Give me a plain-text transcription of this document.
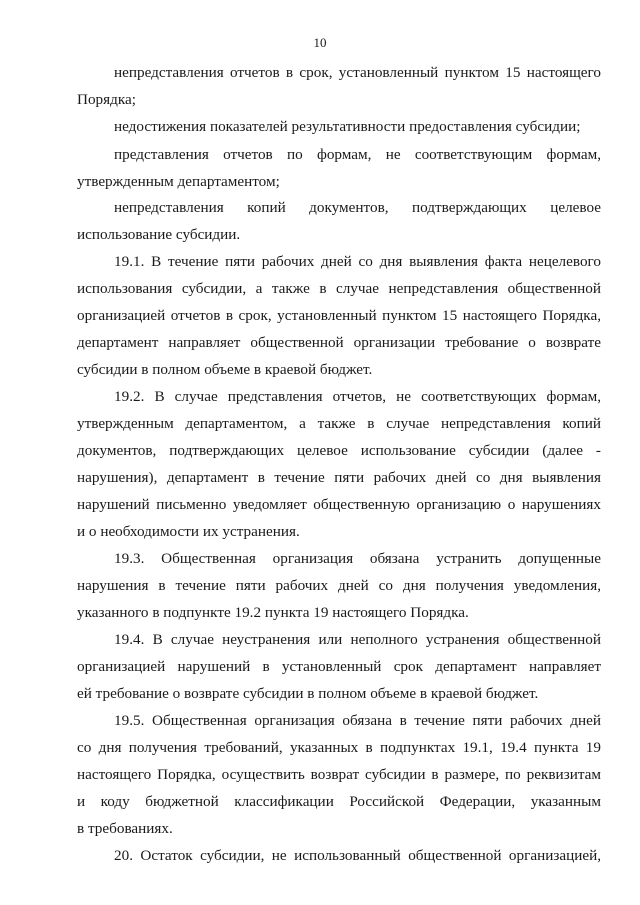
10
непредставления отчетов в срок, установленный пунктом 15 настоящего
Порядка;
недостижения показателей результативности предоставления субсидии;
представления отчетов по формам, не соответствующим формам,
утвержденным департаментом;
непредставления копий документов, подтверждающих целевое
использование субсидии.
19.1. В течение пяти рабочих дней со дня выявления факта нецелевого
использования субсидии, а также в случае непредставления общественной
организацией отчетов в срок, установленный пунктом 15 настоящего Порядка,
департамент направляет общественной организации требование о возврате
субсидии в полном объеме в краевой бюджет.
19.2. В случае представления отчетов, не соответствующих формам,
утвержденным департаментом, а также в случае непредставления копий
документов, подтверждающих целевое использование субсидии (далее -
нарушения), департамент в течение пяти рабочих дней со дня выявления
нарушений письменно уведомляет общественную организацию о нарушениях
и о необходимости их устранения.
19.3. Общественная организация обязана устранить допущенные
нарушения в течение пяти рабочих дней со дня получения уведомления,
указанного в подпункте 19.2 пункта 19 настоящего Порядка.
19.4. В случае неустранения или неполного устранения общественной
организацией нарушений в установленный срок департамент направляет
ей требование о возврате субсидии в полном объеме в краевой бюджет.
19.5. Общественная организация обязана в течение пяти рабочих дней
со дня получения требований, указанных в подпунктах 19.1, 19.4 пункта 19
настоящего Порядка, осуществить возврат субсидии в размере, по реквизитам
и коду бюджетной классификации Российской Федерации, указанным
в требованиях.
20. Остаток субсидии, не использованный общественной организацией,
